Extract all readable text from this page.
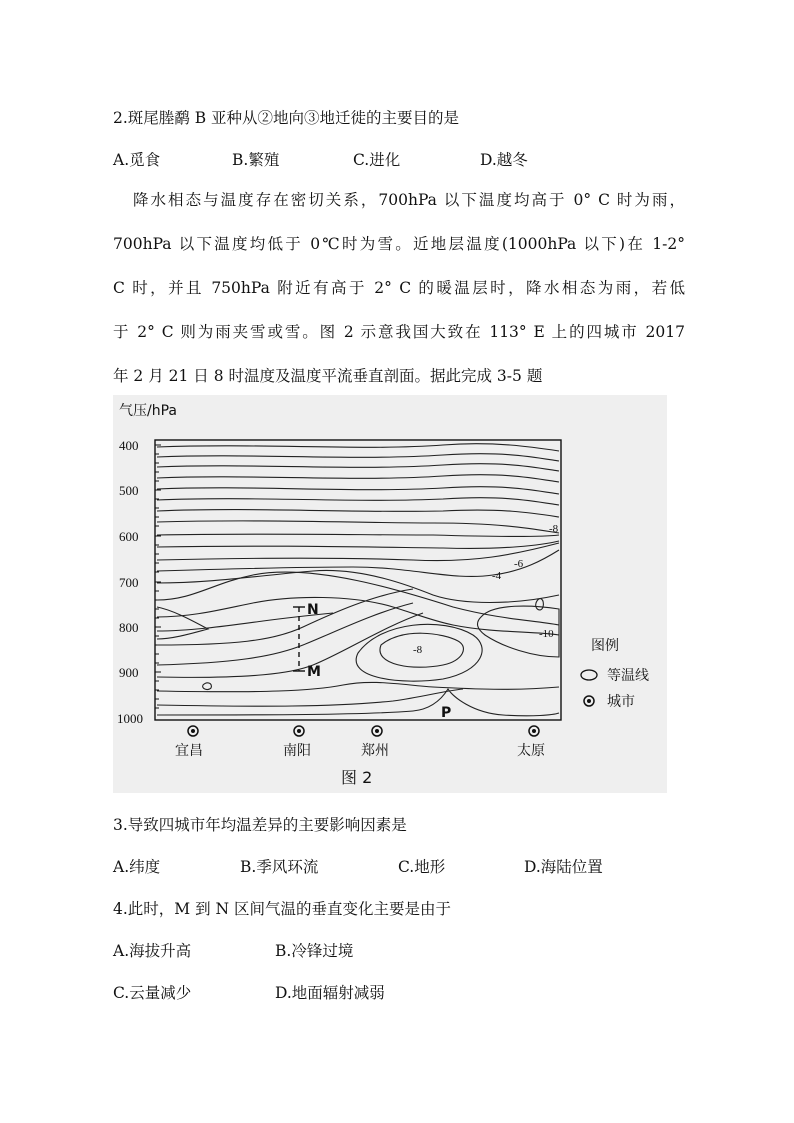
2.斑尾塍鹬 B 亚种从②地向③地迁徙的主要目的是
A.觅食	B.繁殖	C.进化	D.越冬
降水相态与温度存在密切关系，700hPa 以下温度均高于 0° C 时为雨，
700hPa 以下温度均低于 0℃时为雪。近地层温度(1000hPa 以下)在 1-2°
C 时，并且 750hPa 附近有高于 2° C 的暖温层时，降水相态为雨，若低
于 2° C 则为雨夹雪或雪。图 2 示意我国大致在 113° E 上的四城市 2017
年 2 月 21 日 8 时温度及温度平流垂直剖面。据此完成 3-5 题
气压/hPa
400
500
600
700
800
900
1000
-8
-6
-4
-10
-8
N
M
P
图例
等温线
城市
宜昌	南阳	郑州	太原
图 2
3.导致四城市年均温差异的主要影响因素是
A.纬度	B.季风环流	C.地形	D.海陆位置
4.此时，M 到 N 区间气温的垂直变化主要是由于
A.海拔升高	B.冷锋过境
C.云量减少	D.地面辐射减弱
